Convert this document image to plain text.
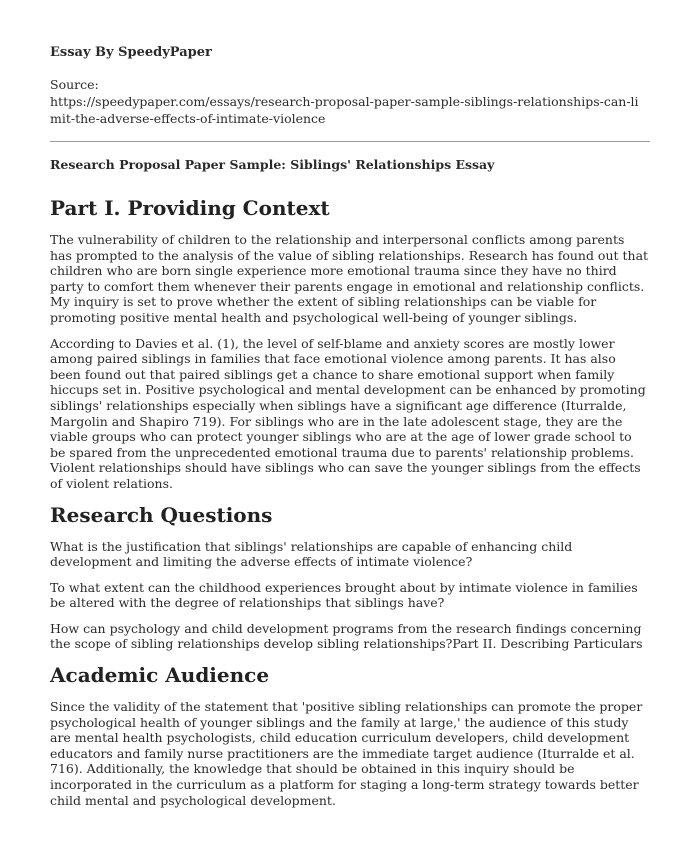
Essay By SpeedyPaper
Source:
https://speedypaper.com/essays/research-proposal-paper-sample-siblings-relationships-can-limit-the-adverse-effects-of-intimate-violence
Research Proposal Paper Sample: Siblings' Relationships Essay
Part I. Providing Context

The vulnerability of children to the relationship and interpersonal conflicts among parents has prompted to the analysis of the value of sibling relationships. Research has found out that children who are born single experience more emotional trauma since they have no third party to comfort them whenever their parents engage in emotional and relationship conflicts. My inquiry is set to prove whether the extent of sibling relationships can be viable for promoting positive mental health and psychological well-being of younger siblings.

According to Davies et al. (1), the level of self-blame and anxiety scores are mostly lower among paired siblings in families that face emotional violence among parents. It has also been found out that paired siblings get a chance to share emotional support when family hiccups set in. Positive psychological and mental development can be enhanced by promoting siblings' relationships especially when siblings have a significant age difference (Iturralde, Margolin and Shapiro 719). For siblings who are in the late adolescent stage, they are the viable groups who can protect younger siblings who are at the age of lower grade school to be spared from the unprecedented emotional trauma due to parents' relationship problems. Violent relationships should have siblings who can save the younger siblings from the effects of violent relations.

Research Questions

What is the justification that siblings' relationships are capable of enhancing child development and limiting the adverse effects of intimate violence?

To what extent can the childhood experiences brought about by intimate violence in families be altered with the degree of relationships that siblings have?

How can psychology and child development programs from the research findings concerning the scope of sibling relationships develop sibling relationships?Part II. Describing Particulars

Academic Audience

Since the validity of the statement that 'positive sibling relationships can promote the proper psychological health of younger siblings and the family at large,' the audience of this study are mental health psychologists, child education curriculum developers, child development educators and family nurse practitioners are the immediate target audience (Iturralde et al. 716). Additionally, the knowledge that should be obtained in this inquiry should be incorporated in the curriculum as a platform for staging a long-term strategy towards better child mental and psychological development.
